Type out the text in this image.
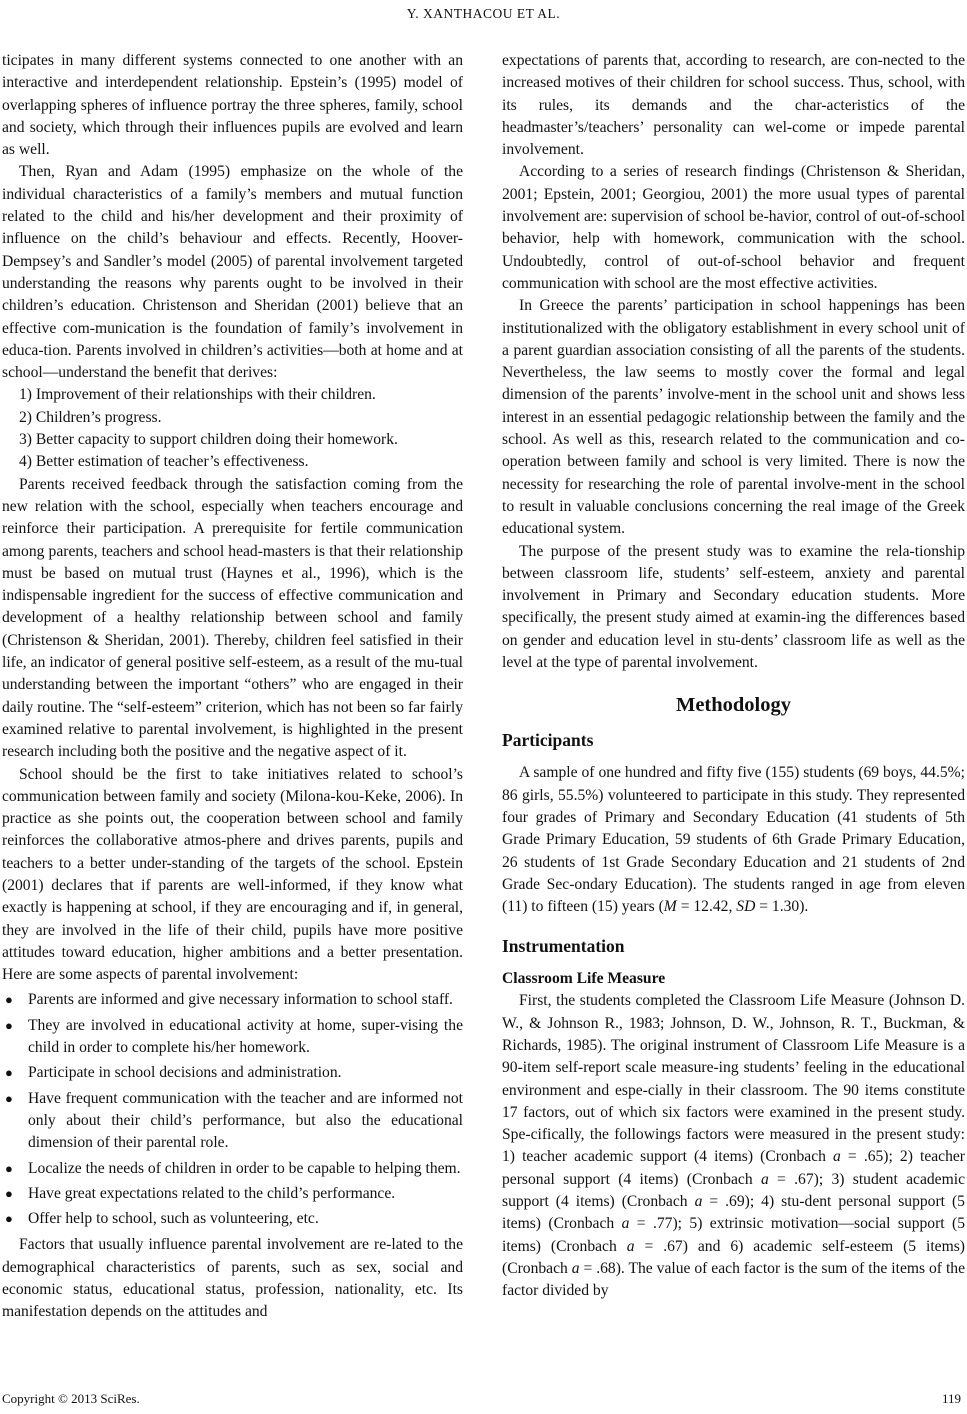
Y. XANTHACOU ET AL.

ticipates in many different systems connected to one another with an interactive and interdependent relationship. Epstein’s (1995) model of overlapping spheres of influence portray the three spheres, family, school and society, which through their influences pupils are evolved and learn as well.

Then, Ryan and Adam (1995) emphasize on the whole of the individual characteristics of a family’s members and mutual function related to the child and his/her development and their proximity of influence on the child’s behaviour and effects. Recently, Hoover-Dempsey’s and Sandler’s model (2005) of parental involvement targeted understanding the reasons why parents ought to be involved in their children’s education. Christenson and Sheridan (2001) believe that an effective com-munication is the foundation of family’s involvement in educa-tion. Parents involved in children’s activities—both at home and at school—understand the benefit that derives:

1) Improvement of their relationships with their children.
2) Children’s progress.
3) Better capacity to support children doing their homework.
4) Better estimation of teacher’s effectiveness.

Parents received feedback through the satisfaction coming from the new relation with the school, especially when teachers encourage and reinforce their participation. A prerequisite for fertile communication among parents, teachers and school head-masters is that their relationship must be based on mutual trust (Haynes et al., 1996), which is the indispensable ingredient for the success of effective communication and development of a healthy relationship between school and family (Christenson & Sheridan, 2001). Thereby, children feel satisfied in their life, an indicator of general positive self-esteem, as a result of the mu-tual understanding between the important “others” who are engaged in their daily routine. The “self-esteem” criterion, which has not been so far fairly examined relative to parental involvement, is highlighted in the present research including both the positive and the negative aspect of it.

School should be the first to take initiatives related to school’s communication between family and society (Milona-kou-Keke, 2006). In practice as she points out, the cooperation between school and family reinforces the collaborative atmos-phere and drives parents, pupils and teachers to a better under-standing of the targets of the school. Epstein (2001) declares that if parents are well-informed, if they know what exactly is happening at school, if they are encouraging and if, in general, they are involved in the life of their child, pupils have more positive attitudes toward education, higher ambitions and a better presentation. Here are some aspects of parental involvement:

● Parents are informed and give necessary information to school staff.
● They are involved in educational activity at home, super-vising the child in order to complete his/her homework.
● Participate in school decisions and administration.
● Have frequent communication with the teacher and are informed not only about their child’s performance, but also the educational dimension of their parental role.
● Localize the needs of children in order to be capable to helping them.
● Have great expectations related to the child’s performance.
● Offer help to school, such as volunteering, etc.

Factors that usually influence parental involvement are re-lated to the demographical characteristics of parents, such as sex, social and economic status, educational status, profession, nationality, etc. Its manifestation depends on the attitudes and

expectations of parents that, according to research, are con-nected to the increased motives of their children for school success. Thus, school, with its rules, its demands and the char-acteristics of the headmaster’s/teachers’ personality can wel-come or impede parental involvement.

According to a series of research findings (Christenson & Sheridan, 2001; Epstein, 2001; Georgiou, 2001) the more usual types of parental involvement are: supervision of school be-havior, control of out-of-school behavior, help with homework, communication with the school. Undoubtedly, control of out-of-school behavior and frequent communication with school are the most effective activities.

In Greece the parents’ participation in school happenings has been institutionalized with the obligatory establishment in every school unit of a parent guardian association consisting of all the parents of the students. Nevertheless, the law seems to mostly cover the formal and legal dimension of the parents’ involve-ment in the school unit and shows less interest in an essential pedagogic relationship between the family and the school. As well as this, research related to the communication and co-operation between family and school is very limited. There is now the necessity for researching the role of parental involve-ment in the school to result in valuable conclusions concerning the real image of the Greek educational system.

The purpose of the present study was to examine the rela-tionship between classroom life, students’ self-esteem, anxiety and parental involvement in Primary and Secondary education students. More specifically, the present study aimed at examin-ing the differences based on gender and education level in stu-dents’ classroom life as well as the level at the type of parental involvement.

Methodology
Participants

A sample of one hundred and fifty five (155) students (69 boys, 44.5%; 86 girls, 55.5%) volunteered to participate in this study. They represented four grades of Primary and Secondary Education (41 students of 5th Grade Primary Education, 59 students of 6th Grade Primary Education, 26 students of 1st Grade Secondary Education and 21 students of 2nd Grade Sec-ondary Education). The students ranged in age from eleven (11) to fifteen (15) years (M = 12.42, SD = 1.30).

Instrumentation
Classroom Life Measure

First, the students completed the Classroom Life Measure (Johnson D. W., & Johnson R., 1983; Johnson, D. W., Johnson, R. T., Buckman, & Richards, 1985). The original instrument of Classroom Life Measure is a 90-item self-report scale measure-ing students’ feeling in the educational environment and espe-cially in their classroom. The 90 items constitute 17 factors, out of which six factors were examined in the present study. Spe-cifically, the followings factors were measured in the present study: 1) teacher academic support (4 items) (Cronbach a = .65); 2) teacher personal support (4 items) (Cronbach a = .67); 3) student academic support (4 items) (Cronbach a = .69); 4) stu-dent personal support (5 items) (Cronbach a = .77); 5) extrinsic motivation—social support (5 items) (Cronbach a = .67) and 6) academic self-esteem (5 items) (Cronbach a = .68). The value of each factor is the sum of the items of the factor divided by

Copyright © 2013 SciRes.	119
